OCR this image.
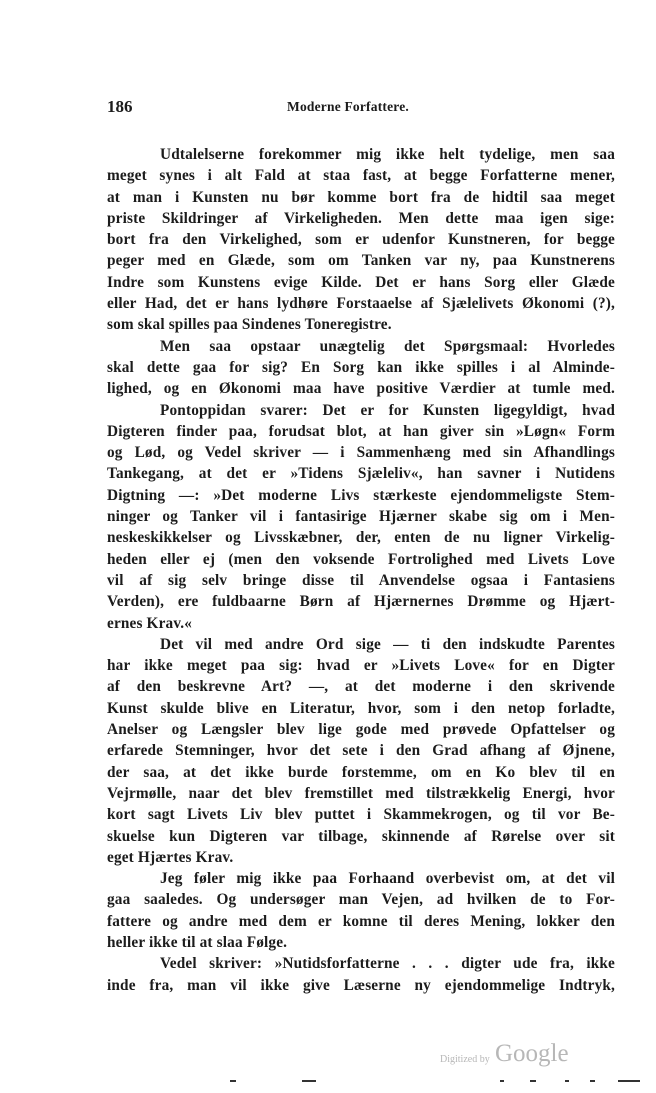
186	Moderne Forfattere.
Udtalelserne forekommer mig ikke helt tydelige, men saa
meget synes i alt Fald at staa fast, at begge Forfatterne mener,
at man i Kunsten nu bør komme bort fra de hidtil saa meget
priste Skildringer af Virkeligheden. Men dette maa igen sige:
bort fra den Virkelighed, som er udenfor Kunstneren, for begge
peger med en Glæde, som om Tanken var ny, paa Kunstnerens
Indre som Kunstens evige Kilde. Det er hans Sorg eller Glæde
eller Had, det er hans lydhøre Forstaaelse af Sjælelivets Økonomi (?),
som skal spilles paa Sindenes Toneregistre.
Men saa opstaar unægtelig det Spørgsmaal: Hvorledes
skal dette gaa for sig? En Sorg kan ikke spilles i al Alminde-
lighed, og en Økonomi maa have positive Værdier at tumle med.
Pontoppidan svarer: Det er for Kunsten ligegyldigt, hvad
Digteren finder paa, forudsat blot, at han giver sin »Løgn« Form
og Lød, og Vedel skriver — i Sammenhæng med sin Afhandlings
Tankegang, at det er »Tidens Sjæleliv«, han savner i Nutidens
Digtning —: »Det moderne Livs stærkeste ejendommeligste Stem-
ninger og Tanker vil i fantasirige Hjærner skabe sig om i Men-
neskeskikkelser og Livsskæbner, der, enten de nu ligner Virkelig-
heden eller ej (men den voksende Fortrolighed med Livets Love
vil af sig selv bringe disse til Anvendelse ogsaa i Fantasiens
Verden), ere fuldbaarne Børn af Hjærnernes Drømme og Hjært-
ernes Krav.«
Det vil med andre Ord sige — ti den indskudte Parentes
har ikke meget paa sig: hvad er »Livets Love« for en Digter
af den beskrevne Art? —, at det moderne i den skrivende
Kunst skulde blive en Literatur, hvor, som i den netop forladte,
Anelser og Længsler blev lige gode med prøvede Opfattelser og
erfarede Stemninger, hvor det sete i den Grad afhang af Øjnene,
der saa, at det ikke burde forstemme, om en Ko blev til en
Vejrmølle, naar det blev fremstillet med tilstrækkelig Energi, hvor
kort sagt Livets Liv blev puttet i Skammekrogen, og til vor Be-
skuelse kun Digteren var tilbage, skinnende af Rørelse over sit
eget Hjærtes Krav.
Jeg føler mig ikke paa Forhaand overbevist om, at det vil
gaa saaledes. Og undersøger man Vejen, ad hvilken de to For-
fattere og andre med dem er komne til deres Mening, lokker den
heller ikke til at slaa Følge.
Vedel skriver: »Nutidsforfatterne . . . digter ude fra, ikke
inde fra, man vil ikke give Læserne ny ejendommelige Indtryk,
Digitized by Google
